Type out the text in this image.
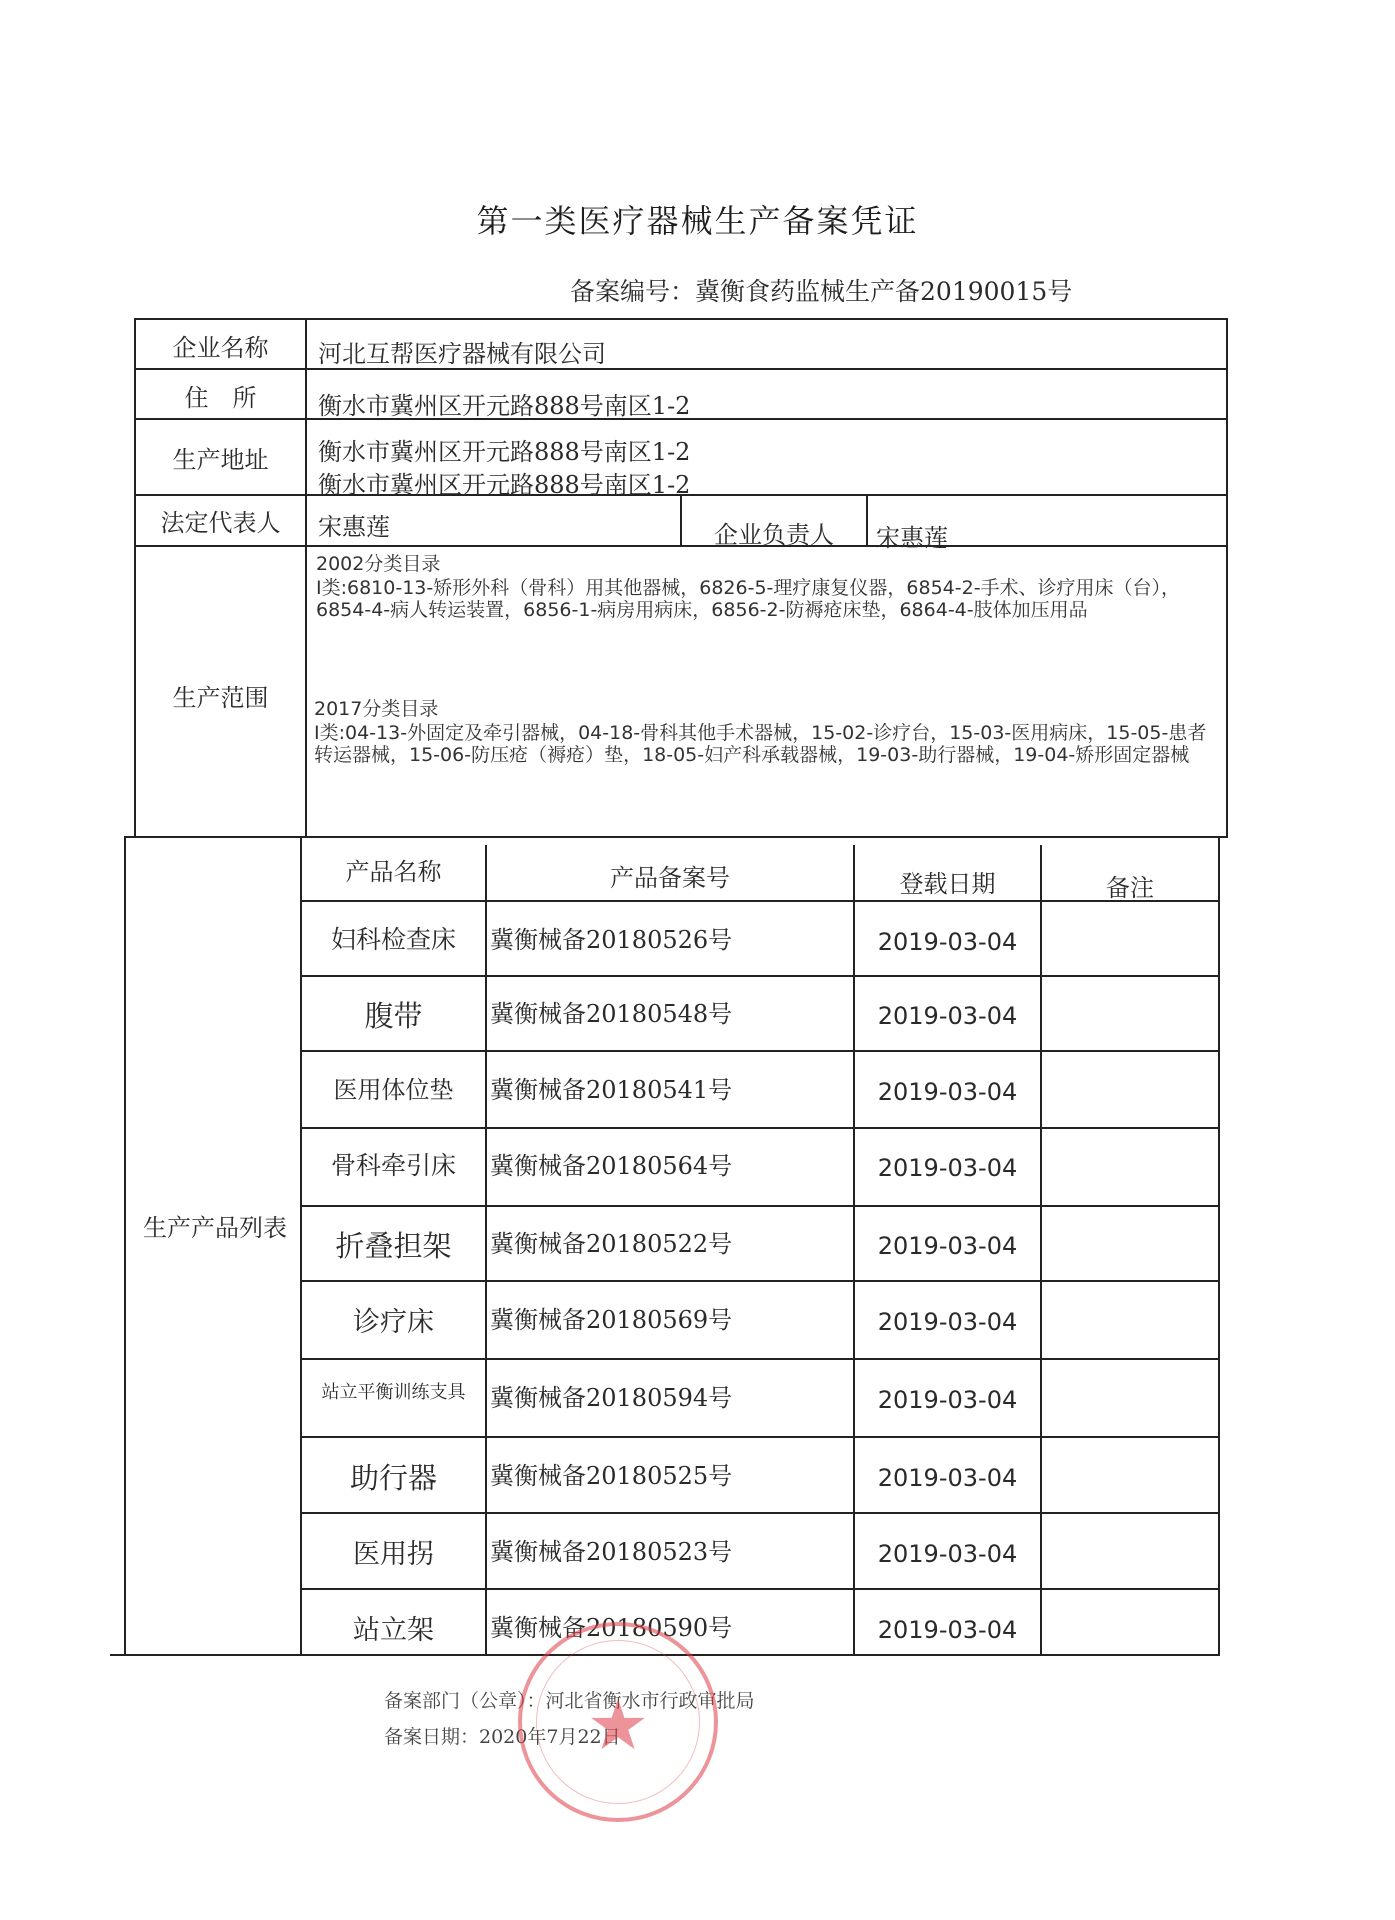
第一类医疗器械生产备案凭证
备案编号：冀衡食药监械生产备20190015号
企业名称	河北互帮医疗器械有限公司
住　所	衡水市冀州区开元路888号南区1-2
生产地址	衡水市冀州区开元路888号南区1-2
衡水市冀州区开元路888号南区1-2
法定代表人	宋惠莲	企业负责人	宋惠莲
生产范围
2002分类目录
Ⅰ类:6810-13-矫形外科（骨科）用其他器械，6826-5-理疗康复仪器，6854-2-手术、诊疗用床（台），6854-4-病人转运装置，6856-1-病房用病床，6856-2-防褥疮床垫，6864-4-肢体加压用品
2017分类目录
Ⅰ类:04-13-外固定及牵引器械，04-18-骨科其他手术器械，15-02-诊疗台，15-03-医用病床，15-05-患者转运器械，15-06-防压疮（褥疮）垫，18-05-妇产科承载器械，19-03-助行器械，19-04-矫形固定器械
生产产品列表
产品名称	产品备案号	登载日期	备注
妇科检查床	冀衡械备20180526号	2019-03-04
腹带	冀衡械备20180548号	2019-03-04
医用体位垫	冀衡械备20180541号	2019-03-04
骨科牵引床	冀衡械备20180564号	2019-03-04
折叠担架	冀衡械备20180522号	2019-03-04
诊疗床	冀衡械备20180569号	2019-03-04
站立平衡训练支具	冀衡械备20180594号	2019-03-04
助行器	冀衡械备20180525号	2019-03-04
医用拐	冀衡械备20180523号	2019-03-04
站立架	冀衡械备20180590号	2019-03-04
备案部门（公章）：河北省衡水市行政审批局
备案日期：2020年7月22日
★
